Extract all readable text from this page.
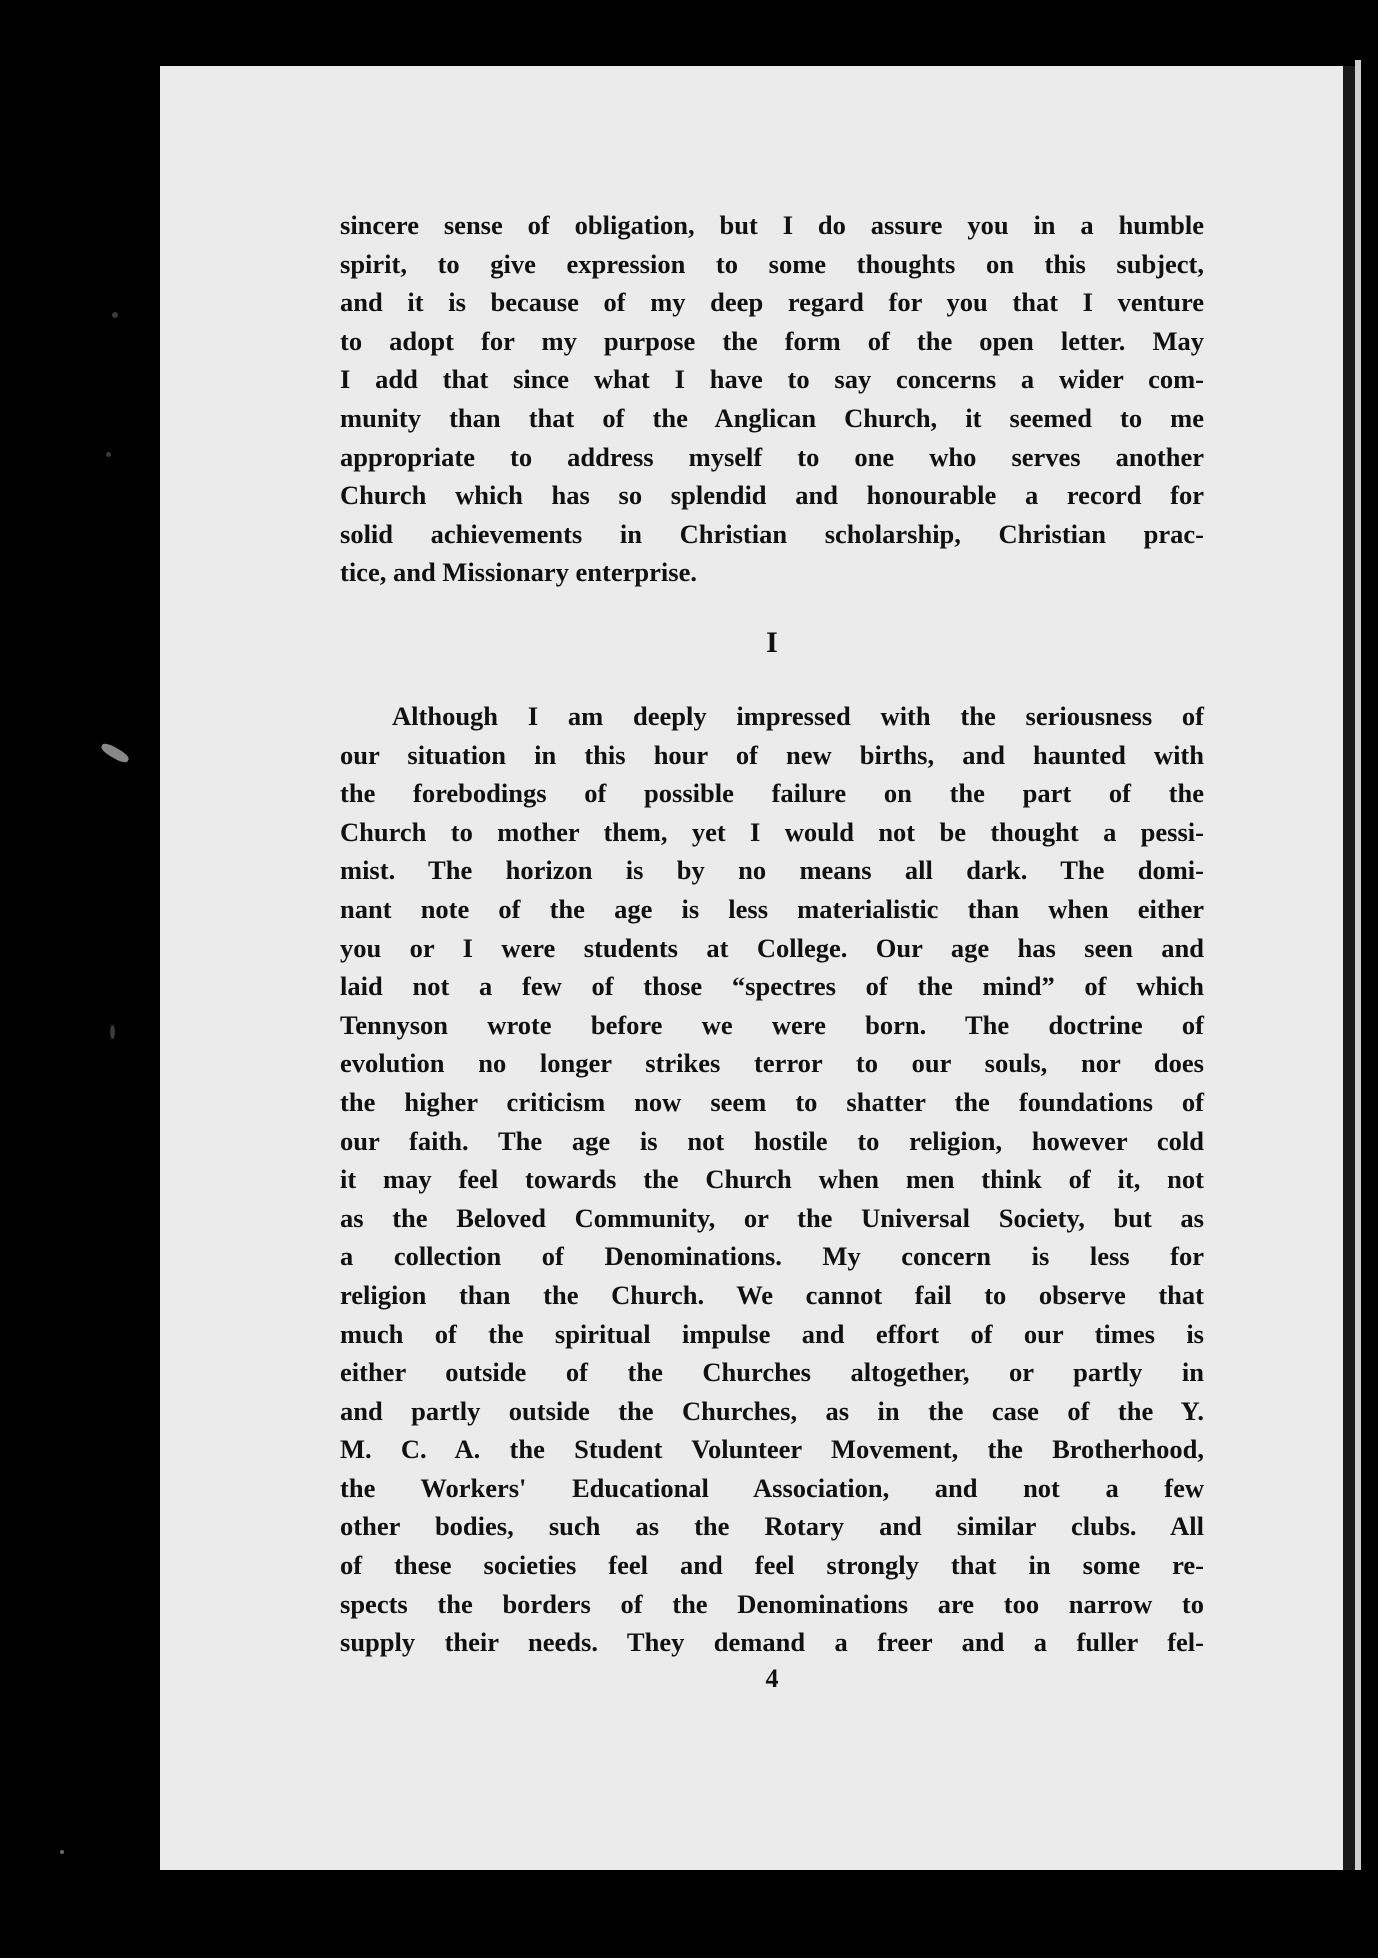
sincere sense of obligation, but I do assure you in a humble
spirit, to give expression to some thoughts on this subject,
and it is because of my deep regard for you that I venture
to adopt for my purpose the form of the open letter. May
I add that since what I have to say concerns a wider com-
munity than that of the Anglican Church, it seemed to me
appropriate to address myself to one who serves another
Church which has so splendid and honourable a record for
solid achievements in Christian scholarship, Christian prac-
tice, and Missionary enterprise.
I
Although I am deeply impressed with the seriousness of
our situation in this hour of new births, and haunted with
the forebodings of possible failure on the part of the
Church to mother them, yet I would not be thought a pessi-
mist. The horizon is by no means all dark. The domi-
nant note of the age is less materialistic than when either
you or I were students at College. Our age has seen and
laid not a few of those “spectres of the mind” of which
Tennyson wrote before we were born. The doctrine of
evolution no longer strikes terror to our souls, nor does
the higher criticism now seem to shatter the foundations of
our faith. The age is not hostile to religion, however cold
it may feel towards the Church when men think of it, not
as the Beloved Community, or the Universal Society, but as
a collection of Denominations. My concern is less for
religion than the Church. We cannot fail to observe that
much of the spiritual impulse and effort of our times is
either outside of the Churches altogether, or partly in
and partly outside the Churches, as in the case of the Y.
M. C. A. the Student Volunteer Movement, the Brotherhood,
the Workers' Educational Association, and not a few
other bodies, such as the Rotary and similar clubs. All
of these societies feel and feel strongly that in some re-
spects the borders of the Denominations are too narrow to
supply their needs. They demand a freer and a fuller fel-
4
